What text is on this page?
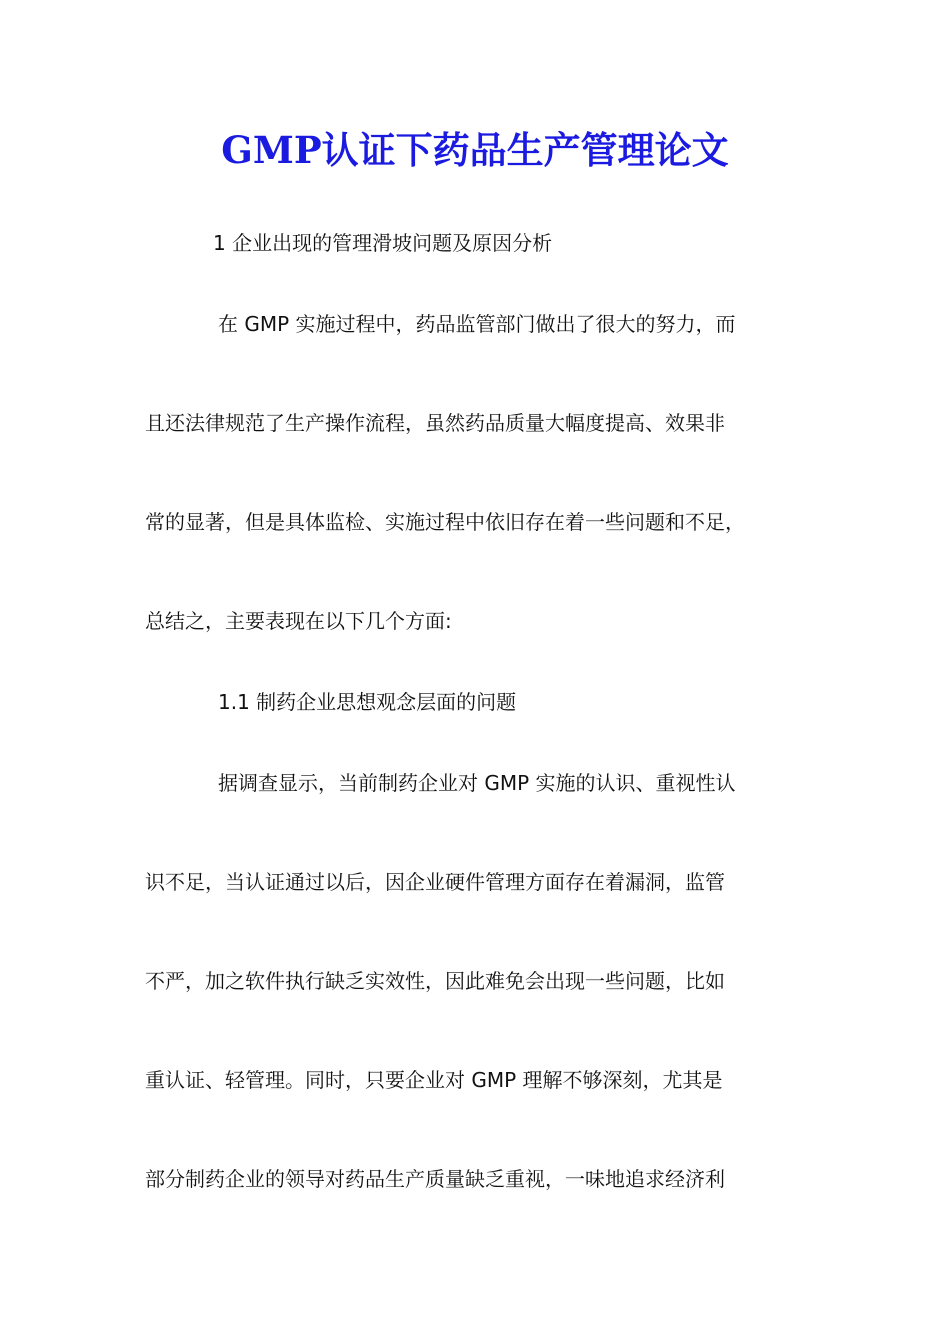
GMP认证下药品生产管理论文
1 企业出现的管理滑坡问题及原因分析
在 GMP 实施过程中，药品监管部门做出了很大的努力，而
且还法律规范了生产操作流程，虽然药品质量大幅度提高、效果非
常的显著，但是具体监检、实施过程中依旧存在着一些问题和不足，
总结之，主要表现在以下几个方面:
1.1 制药企业思想观念层面的问题
据调查显示，当前制药企业对 GMP 实施的认识、重视性认
识不足，当认证通过以后，因企业硬件管理方面存在着漏洞，监管
不严，加之软件执行缺乏实效性，因此难免会出现一些问题，比如
重认证、轻管理。同时，只要企业对 GMP 理解不够深刻，尤其是
部分制药企业的领导对药品生产质量缺乏重视，一味地追求经济利
